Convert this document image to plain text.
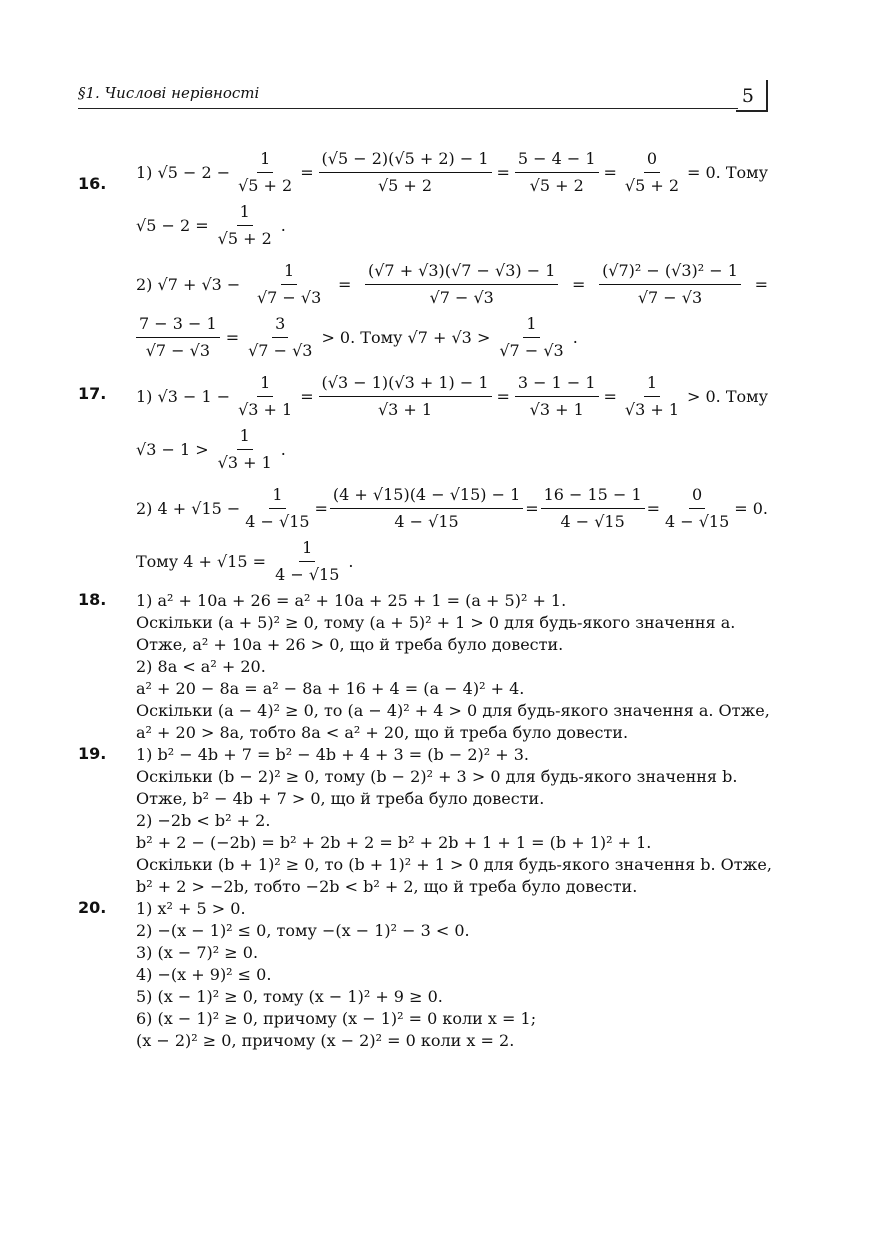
§1. Числові нерівності	5
16.
1) $√5 - 2 - \frac{1}{√5 + 2} = \frac{(√5 - 2)(√5 + 2) - 1}{√5 + 2} = \frac{5 - 4 - 1}{√5 + 2} = \frac{0}{√5 + 2} = 0$. Тому
$√5 - 2 = \frac{1}{√5 + 2}$ .
2) $√7 + √3 - \frac{1}{√7 - √3} = \frac{(√7 + √3)(√7 - √3) - 1}{√7 - √3} = \frac{\text{(√7)² − (√3)² − 1}}{√7 - √3}$ =
$\frac{7 - 3 - 1}{√7 - √3} = \frac{3}{√7 - √3} > 0$. Тому $√7 + √3 > \frac{1}{√7 - √3}$ .
17. 1) $√3 - 1 - \frac{1}{√3 + 1} = \frac{(√3 - 1)(√3 + 1) - 1}{√3 + 1} = \frac{3 - 1 - 1}{√3 + 1} = \frac{1}{√3 + 1} > 0$. Тому
$√3 - 1 > \frac{1}{√3 + 1}$ .
2) $4 + √15 - \frac{1}{4 - √15} = \frac{(4 + √15)(4 - √15) - 1}{4 - √15} = \frac{16 - 15 - 1}{4 - √15} = \frac{0}{4 - √15} = 0$.
Тому $4 + √15 = \frac{1}{4 - √15}$ .
18. 1) a² + 10a + 26 = a² + 10a + 25 + 1 = (a + 5)² + 1.
Оскільки (a + 5)² ≥ 0, тому (a + 5)² + 1 > 0 для будь-якого значення a.
Отже, a² + 10a + 26 > 0, що й треба було довести.
2) 8a < a² + 20.
a² + 20 − 8a = a² − 8a + 16 + 4 = (a − 4)² + 4.
Оскільки (a − 4)² ≥ 0, то (a − 4)² + 4 > 0 для будь-якого значення a. Отже,
a² + 20 > 8a, тобто 8a < a² + 20, що й треба було довести.
19. 1) b² − 4b + 7 = b² − 4b + 4 + 3 = (b − 2)² + 3.
Оскільки (b − 2)² ≥ 0, тому (b − 2)² + 3 > 0 для будь-якого значення b.
Отже, b² − 4b + 7 > 0, що й треба було довести.
2) −2b < b² + 2.
b² + 2 − (−2b) = b² + 2b + 2 = b² + 2b + 1 + 1 = (b + 1)² + 1.
Оскільки (b + 1)² ≥ 0, то (b + 1)² + 1 > 0 для будь-якого значення b. Отже,
b² + 2 > −2b, тобто −2b < b² + 2, що й треба було довести.
20. 1) x² + 5 > 0.
2) −(x − 1)² ≤ 0, тому −(x − 1)² − 3 < 0.
3) (x − 7)² ≥ 0.
4) −(x + 9)² ≤ 0.
5) (x − 1)² ≥ 0, тому (x − 1)² + 9 ≥ 0.
6) (x − 1)² ≥ 0, причому (x − 1)² = 0 коли x = 1;
(x − 2)² ≥ 0, причому (x − 2)² = 0 коли x = 2.
